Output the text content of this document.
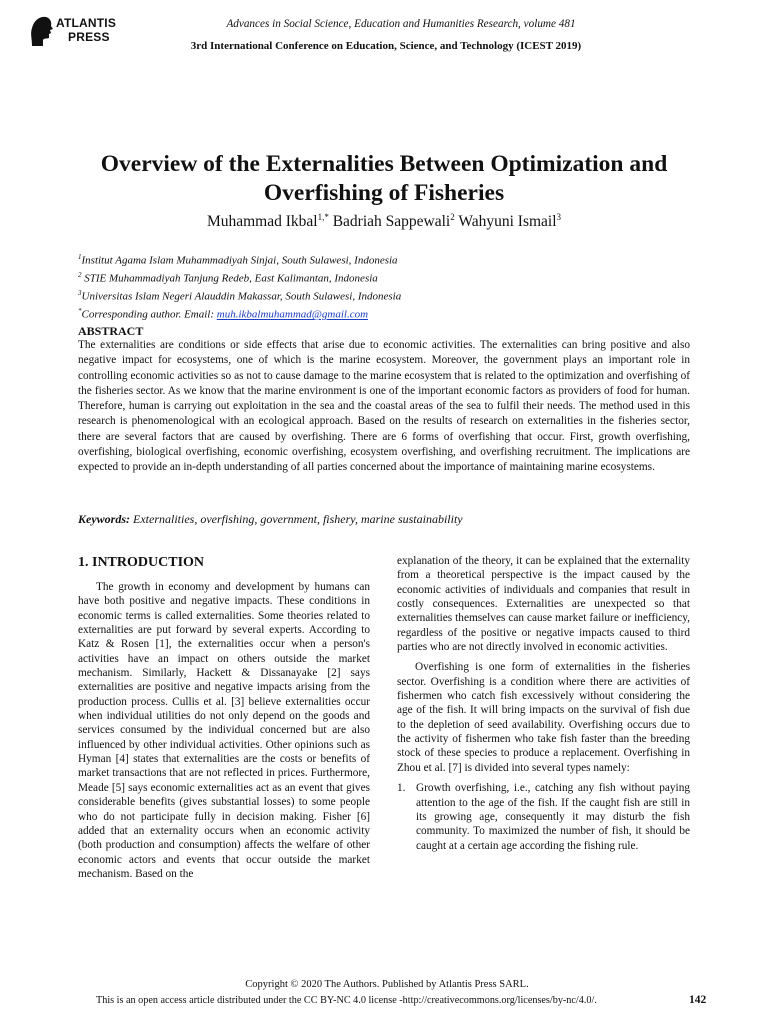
ATLANTIS
PRESS
Advances in Social Science, Education and Humanities Research, volume 481
3rd International Conference on Education, Science, and Technology (ICEST 2019)
Overview of the Externalities Between Optimization and Overfishing of Fisheries
Muhammad Ikbal$^{1,*}$ Badriah Sappewali$^2$ Wahyuni Ismail$^3$
$^1$Institut Agama Islam Muhammadiyah Sinjai, South Sulawesi, Indonesia
$^2$ STIE Muhammadiyah Tanjung Redeb, East Kalimantan, Indonesia
$^3$Universitas Islam Negeri Alauddin Makassar, South Sulawesi, Indonesia
*Corresponding author. Email: muh.ikbalmuhammad@gmail.com
ABSTRACT

The externalities are conditions or side effects that arise due to economic activities. The externalities can bring positive and also negative impact for ecosystems, one of which is the marine ecosystem. Moreover, the government plays an important role in controlling economic activities so as not to cause damage to the marine ecosystem that is related to the optimization and overfishing of the fisheries sector. As we know that the marine environment is one of the important economic factors as providers of food for human. Therefore, human is carrying out exploitation in the sea and the coastal areas of the sea to fulfil their needs. The method used in this research is phenomenological with an ecological approach. Based on the results of research on externalities in the fisheries sector, there are several factors that are caused by overfishing. There are 6 forms of overfishing that occur. First, growth overfishing, overfishing, biological overfishing, economic overfishing, ecosystem overfishing, and overfishing recruitment. The implications are expected to provide an in-depth understanding of all parties concerned about the importance of maintaining marine ecosystems.

Keywords: Externalities, overfishing, government, fishery, marine sustainability
1. INTRODUCTION

The growth in economy and development by humans can have both positive and negative impacts. These conditions in economic terms is called externalities. Some theories related to externalities are put forward by several experts. According to Katz & Rosen [1], the externalities occur when a person's activities have an impact on others outside the market mechanism. Similarly, Hackett & Dissanayake [2] says externalities are positive and negative impacts arising from the production process. Cullis et al. [3] believe externalities occur when individual utilities do not only depend on the goods and services consumed by the individual concerned but are also influenced by other individual activities. Other opinions such as Hyman [4] states that externalities are the costs or benefits of market transactions that are not reflected in prices. Furthermore, Meade [5] says economic externalities act as an event that gives considerable benefits (gives substantial losses) to some people who do not participate fully in decision making. Fisher [6] added that an externality occurs when an economic activity (both production and consumption) affects the welfare of other economic actors and events that occur outside the market mechanism. Based on the

explanation of the theory, it can be explained that the externality from a theoretical perspective is the impact caused by the economic activities of individuals and companies that result in costly consequences. Externalities are unexpected so that externalities themselves can cause market failure or inefficiency, regardless of the positive or negative impacts caused to third parties who are not directly involved in economic activities.

Overfishing is one form of externalities in the fisheries sector. Overfishing is a condition where there are activities of fishermen who catch fish excessively without considering the age of the fish. It will bring impacts on the survival of fish due to the depletion of seed availability. Overfishing occurs due to the activity of fishermen who take fish faster than the breeding stock of these species to produce a replacement. Overfishing in Zhou et al. [7] is divided into several types namely:

1. Growth overfishing, i.e., catching any fish without paying attention to the age of the fish. If the caught fish are still in its growing age, consequently it may disturb the fish community. To maximized the number of fish, it should be caught at a certain age according the fishing rule.
Copyright © 2020 The Authors. Published by Atlantis Press SARL.
This is an open access article distributed under the CC BY-NC 4.0 license -http://creativecommons.org/licenses/by-nc/4.0/.	142
